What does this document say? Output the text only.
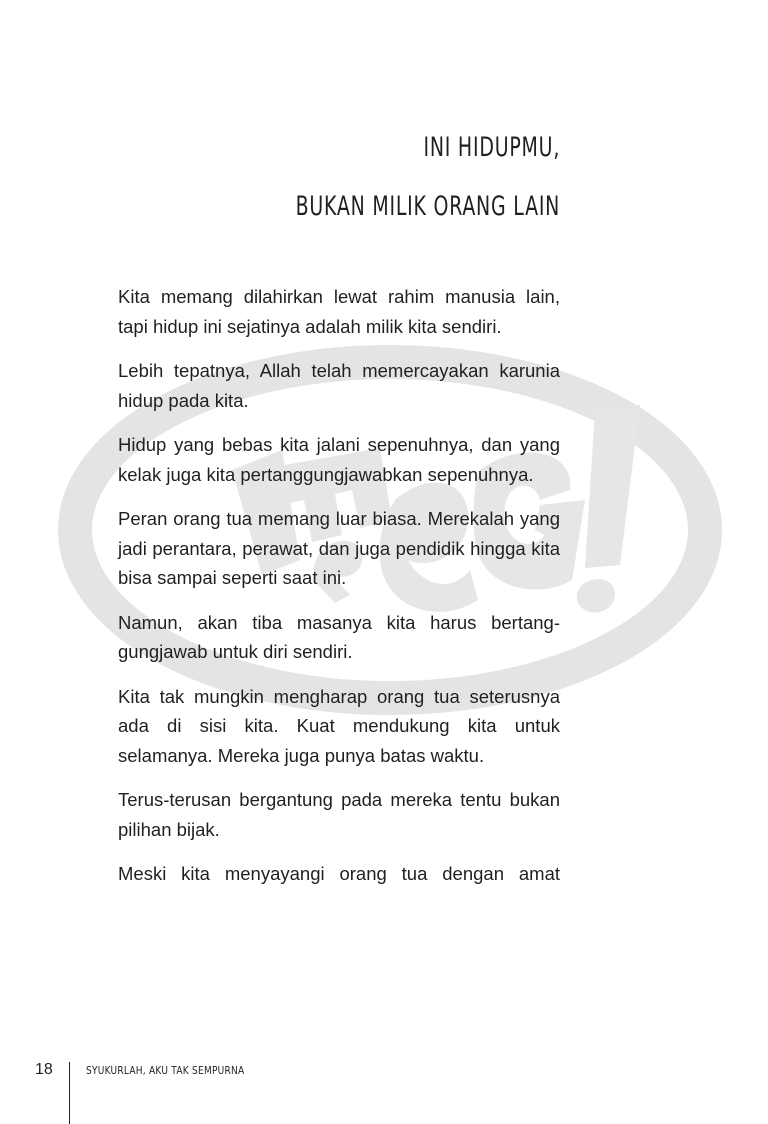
INI HIDUPMU,
BUKAN MILIK ORANG LAIN

Kita memang dilahirkan lewat rahim manusia lain, tapi hidup ini sejatinya adalah milik kita sendiri.

Lebih tepatnya, Allah telah memercayakan karunia hidup pada kita.

Hidup yang bebas kita jalani sepenuhnya, dan yang kelak juga kita pertanggungjawabkan sepenuhnya.

Peran orang tua memang luar biasa. Merekalah yang jadi perantara, perawat, dan juga pendidik hingga kita bisa sampai seperti saat ini.

Namun, akan tiba masanya kita harus bertanggungjawab untuk diri sendiri.

Kita tak mungkin mengharap orang tua seterusnya ada di sisi kita. Kuat mendukung kita untuk selamanya. Mereka juga punya batas waktu.

Terus-terusan bergantung pada mereka tentu bukan pilihan bijak.

Meski kita menyayangi orang tua dengan amat

18	SYUKURLAH, AKU TAK SEMPURNA
